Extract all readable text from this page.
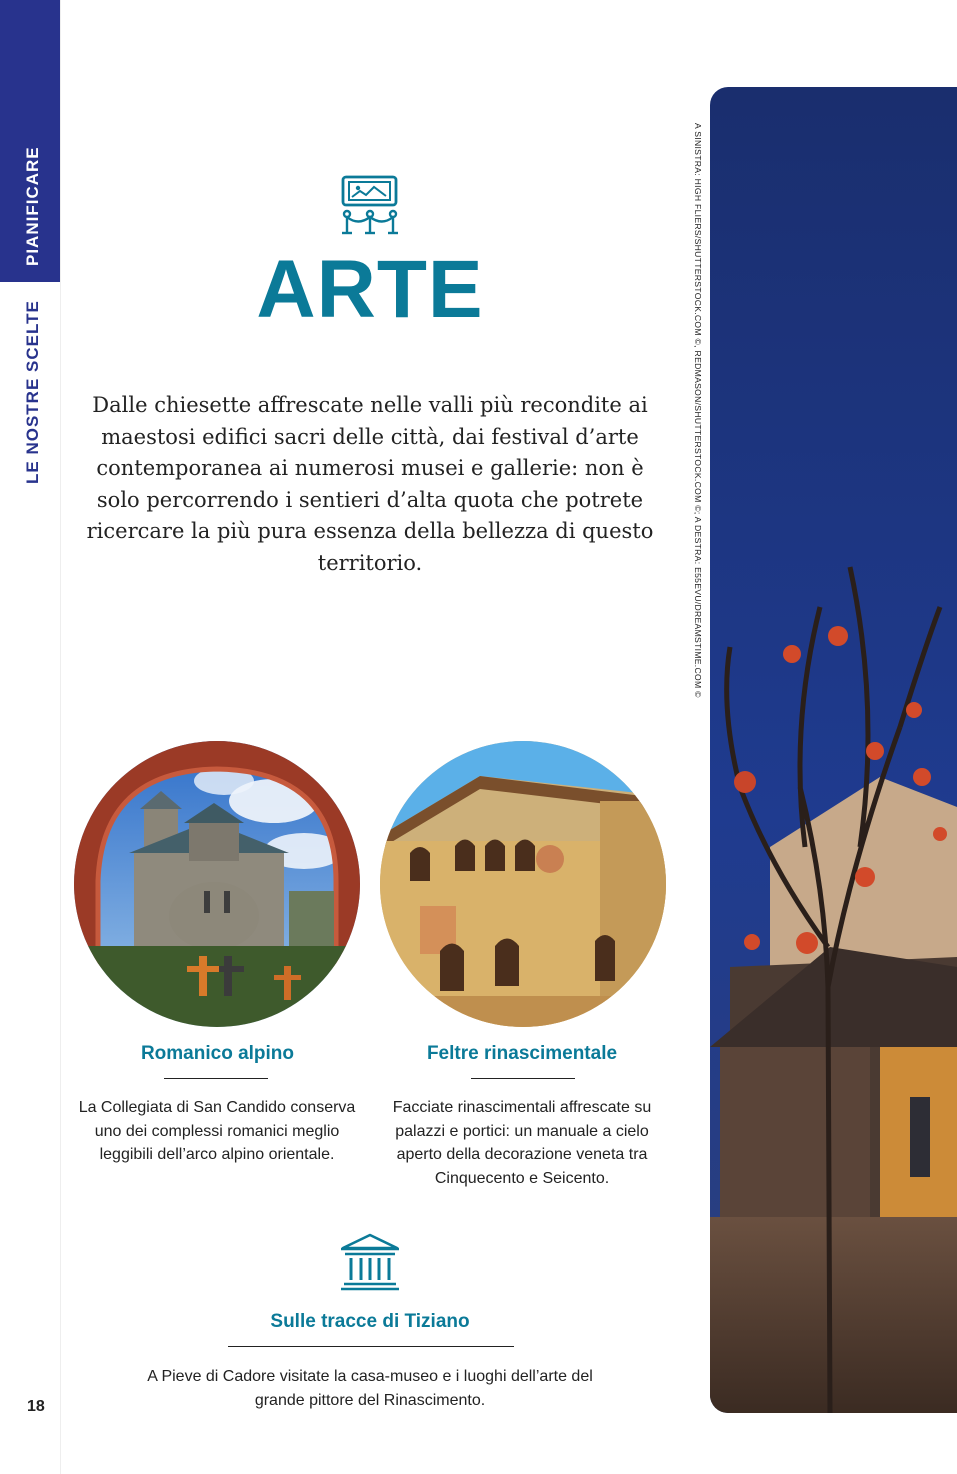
PIANIFICARE
LE NOSTRE SCELTE
ARTE
Dalle chiesette affrescate nelle valli più recondite ai maestosi edifici sacri delle città, dai festival d’arte contemporanea ai numerosi musei e gallerie: non è solo percorrendo i sentieri d’alta quota che potrete ricercare la più pura essenza della bellezza di questo territorio.
Romanico alpino
La Collegiata di San Candido conserva uno dei complessi romanici meglio leggibili dell’arco alpino orientale.
Feltre rinascimentale
Facciate rinascimentali affrescate su palazzi e portici: un manuale a cielo aperto della decorazione veneta tra Cinquecento e Seicento.
Sulle tracce di Tiziano
A Pieve di Cadore visitate la casa-museo e i luoghi dell’arte del grande pittore del Rinascimento.
18
A SINISTRA: HIGH FLIERS/SHUTTERSTOCK.COM ©, REDMASON/SHUTTERSTOCK.COM ©; A DESTRA: E55EVU/DREAMSTIME.COM ©
